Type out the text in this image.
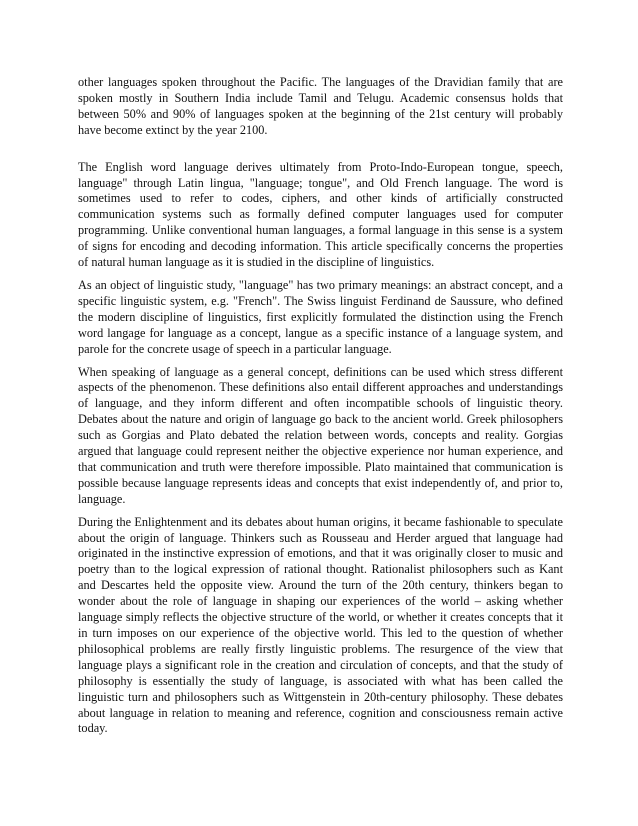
other languages spoken throughout the Pacific. The languages of the Dravidian family that are spoken mostly in Southern India include Tamil and Telugu. Academic consensus holds that between 50% and 90% of languages spoken at the beginning of the 21st century will probably have become extinct by the year 2100.

The English word language derives ultimately from Proto-Indo-European tongue, speech, language" through Latin lingua, "language; tongue", and Old French language. The word is sometimes used to refer to codes, ciphers, and other kinds of artificially constructed communication systems such as formally defined computer languages used for computer programming. Unlike conventional human languages, a formal language in this sense is a system of signs for encoding and decoding information. This article specifically concerns the properties of natural human language as it is studied in the discipline of linguistics.

As an object of linguistic study, "language" has two primary meanings: an abstract concept, and a specific linguistic system, e.g. "French". The Swiss linguist Ferdinand de Saussure, who defined the modern discipline of linguistics, first explicitly formulated the distinction using the French word langage for language as a concept, langue as a specific instance of a language system, and parole for the concrete usage of speech in a particular language.

When speaking of language as a general concept, definitions can be used which stress different aspects of the phenomenon. These definitions also entail different approaches and understandings of language, and they inform different and often incompatible schools of linguistic theory. Debates about the nature and origin of language go back to the ancient world. Greek philosophers such as Gorgias and Plato debated the relation between words, concepts and reality. Gorgias argued that language could represent neither the objective experience nor human experience, and that communication and truth were therefore impossible. Plato maintained that communication is possible because language represents ideas and concepts that exist independently of, and prior to, language.

During the Enlightenment and its debates about human origins, it became fashionable to speculate about the origin of language. Thinkers such as Rousseau and Herder argued that language had originated in the instinctive expression of emotions, and that it was originally closer to music and poetry than to the logical expression of rational thought. Rationalist philosophers such as Kant and Descartes held the opposite view. Around the turn of the 20th century, thinkers began to wonder about the role of language in shaping our experiences of the world – asking whether language simply reflects the objective structure of the world, or whether it creates concepts that it in turn imposes on our experience of the objective world. This led to the question of whether philosophical problems are really firstly linguistic problems. The resurgence of the view that language plays a significant role in the creation and circulation of concepts, and that the study of philosophy is essentially the study of language, is associated with what has been called the linguistic turn and philosophers such as Wittgenstein in 20th-century philosophy. These debates about language in relation to meaning and reference, cognition and consciousness remain active today.
